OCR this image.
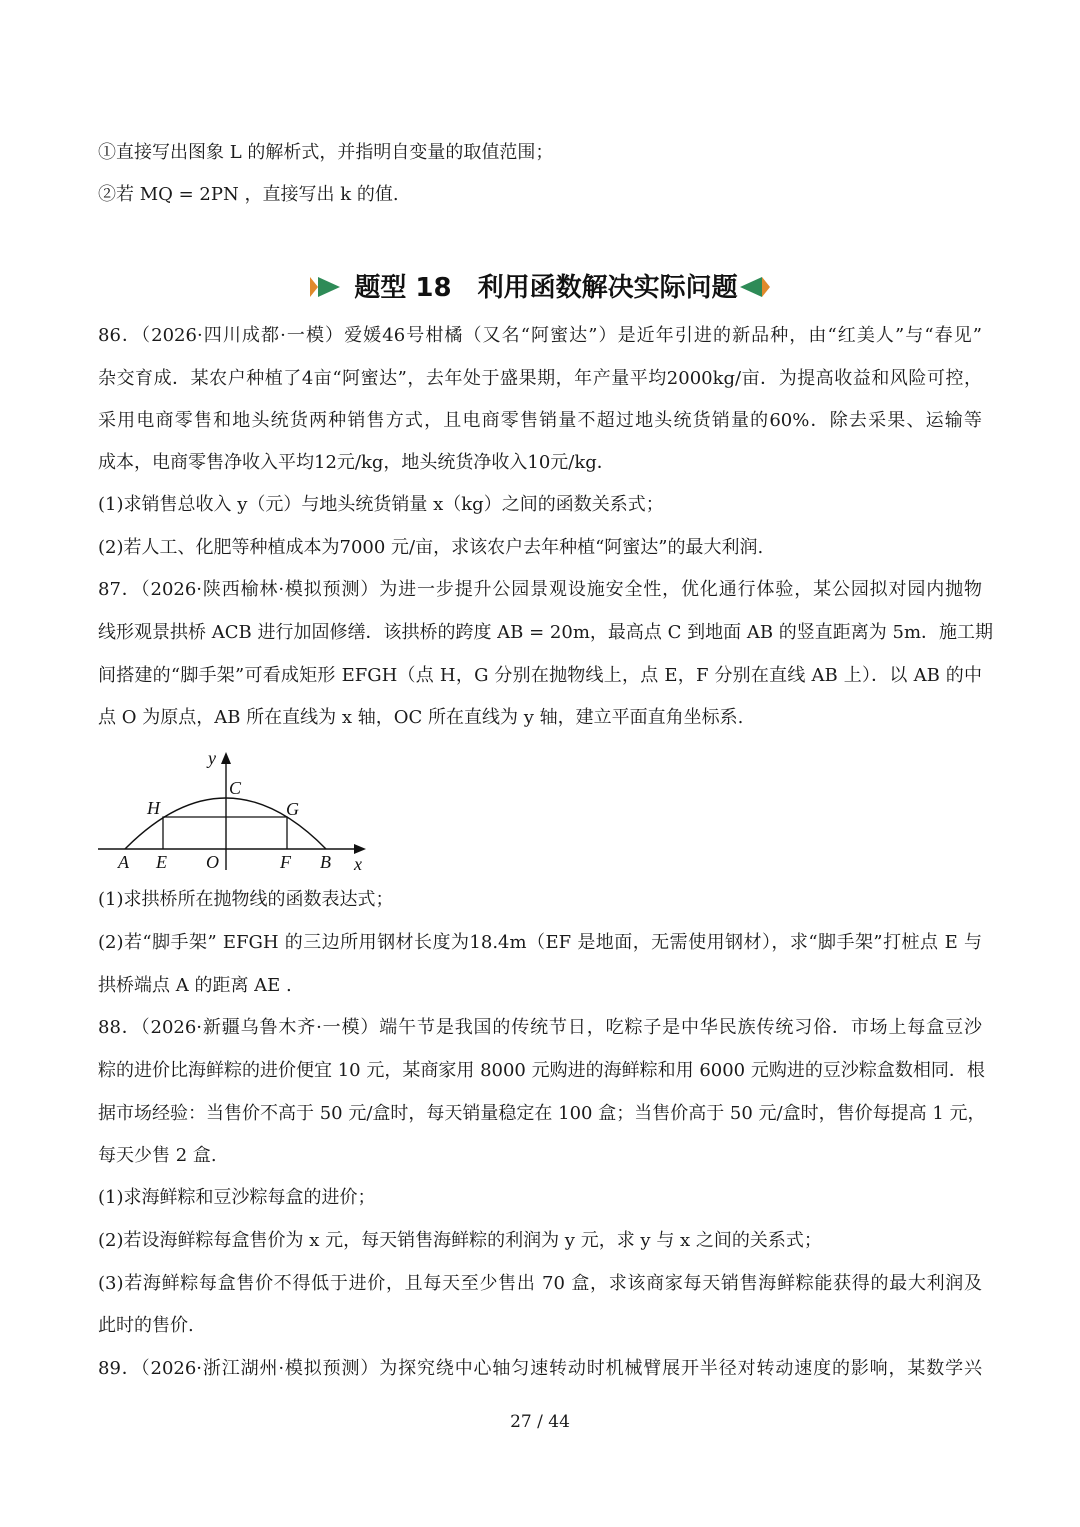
①直接写出图象 L 的解析式，并指明自变量的取值范围；
②若 MQ = 2PN ，直接写出 k 的值.
题型 18　利用函数解决实际问题
86．（2026·四川成都·一模）爱媛46号柑橘（又名“阿蜜达”）是近年引进的新品种，由“红美人”与“春见”
杂交育成．某农户种植了4亩“阿蜜达”，去年处于盛果期，年产量平均2000kg/亩．为提高收益和风险可控，
采用电商零售和地头统货两种销售方式，且电商零售销量不超过地头统货销量的60%．除去采果、运输等
成本，电商零售净收入平均12元/kg，地头统货净收入10元/kg．
(1)求销售总收入 y（元）与地头统货销量 x（kg）之间的函数关系式；
(2)若人工、化肥等种植成本为7000 元/亩，求该农户去年种植“阿蜜达”的最大利润.
87．（2026·陕西榆林·模拟预测）为进一步提升公园景观设施安全性，优化通行体验，某公园拟对园内抛物
线形观景拱桥 ACB 进行加固修缮．该拱桥的跨度 AB = 20m，最高点 C 到地面 AB 的竖直距离为 5m．施工期
间搭建的“脚手架”可看成矩形 EFGH（点 H，G 分别在抛物线上，点 E，F 分别在直线 AB 上）．以 AB 的中
点 O 为原点，AB 所在直线为 x 轴，OC 所在直线为 y 轴，建立平面直角坐标系.
y
C
H	G
A E O	F B x
(1)求拱桥所在抛物线的函数表达式；
(2)若“脚手架” EFGH 的三边所用钢材长度为18.4m（EF 是地面，无需使用钢材），求“脚手架”打桩点 E 与
拱桥端点 A 的距离 AE .
88．（2026·新疆乌鲁木齐·一模）端午节是我国的传统节日，吃粽子是中华民族传统习俗．市场上每盒豆沙
粽的进价比海鲜粽的进价便宜 10 元，某商家用 8000 元购进的海鲜粽和用 6000 元购进的豆沙粽盒数相同．根
据市场经验：当售价不高于 50 元/盒时，每天销量稳定在 100 盒；当售价高于 50 元/盒时，售价每提高 1 元，
每天少售 2 盒.
(1)求海鲜粽和豆沙粽每盒的进价；
(2)若设海鲜粽每盒售价为 x 元，每天销售海鲜粽的利润为 y 元，求 y 与 x 之间的关系式；
(3)若海鲜粽每盒售价不得低于进价，且每天至少售出 70 盒，求该商家每天销售海鲜粽能获得的最大利润及
此时的售价.
89．（2026·浙江湖州·模拟预测）为探究绕中心轴匀速转动时机械臂展开半径对转动速度的影响，某数学兴
27 / 44
